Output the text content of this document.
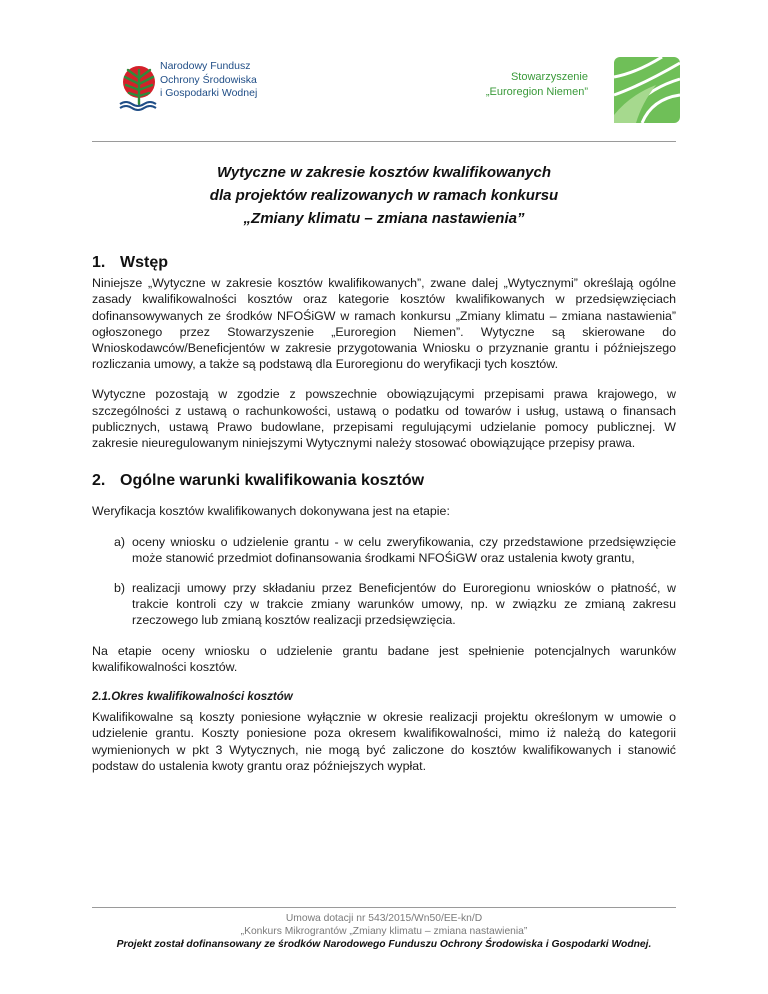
Narodowy Fundusz
Ochrony Środowiska
i Gospodarki Wodnej
Stowarzyszenie
„Euroregion Niemen”
Wytyczne w zakresie kosztów kwalifikowanych
dla projektów realizowanych w ramach konkursu
„Zmiany klimatu – zmiana nastawienia”
1. Wstęp

Niniejsze „Wytyczne w zakresie kosztów kwalifikowanych”, zwane dalej „Wytycznymi” określają ogólne zasady kwalifikowalności kosztów oraz kategorie kosztów kwalifikowanych w przedsięwzięciach dofinansowywanych ze środków NFOŚiGW w ramach konkursu „Zmiany klimatu – zmiana nastawienia” ogłoszonego przez Stowarzyszenie „Euroregion Niemen”. Wytyczne są skierowane do Wnioskodawców/Beneficjentów w zakresie przygotowania Wniosku o przyznanie grantu i późniejszego rozliczania umowy, a także są podstawą dla Euroregionu do weryfikacji tych kosztów.

Wytyczne pozostają w zgodzie z powszechnie obowiązującymi przepisami prawa krajowego, w szczególności z ustawą o rachunkowości, ustawą o podatku od towarów i usług, ustawą o finansach publicznych, ustawą Prawo budowlane, przepisami regulującymi udzielanie pomocy publicznej. W zakresie nieuregulowanym niniejszymi Wytycznymi należy stosować obowiązujące przepisy prawa.

2. Ogólne warunki kwalifikowania kosztów

Weryfikacja kosztów kwalifikowanych dokonywana jest na etapie:

a) oceny wniosku o udzielenie grantu - w celu zweryfikowania, czy przedstawione przedsięwzięcie może stanowić przedmiot dofinansowania środkami NFOŚiGW oraz ustalenia kwoty grantu,

b) realizacji umowy przy składaniu przez Beneficjentów do Euroregionu wniosków o płatność, w trakcie kontroli czy w trakcie zmiany warunków umowy, np. w związku ze zmianą zakresu rzeczowego lub zmianą kosztów realizacji przedsięwzięcia.

Na etapie oceny wniosku o udzielenie grantu badane jest spełnienie potencjalnych warunków kwalifikowalności kosztów.

2.1. Okres kwalifikowalności kosztów

Kwalifikowalne są koszty poniesione wyłącznie w okresie realizacji projektu określonym w umowie o udzielenie grantu. Koszty poniesione poza okresem kwalifikowalności, mimo iż należą do kategorii wymienionych w pkt 3 Wytycznych, nie mogą być zaliczone do kosztów kwalifikowanych i stanowić podstaw do ustalenia kwoty grantu oraz późniejszych wypłat.

Umowa dotacji nr 543/2015/Wn50/EE-kn/D
„Konkurs Mikrograntów „Zmiany klimatu – zmiana nastawienia”
Projekt został dofinansowany ze środków Narodowego Funduszu Ochrony Środowiska i Gospodarki Wodnej.
